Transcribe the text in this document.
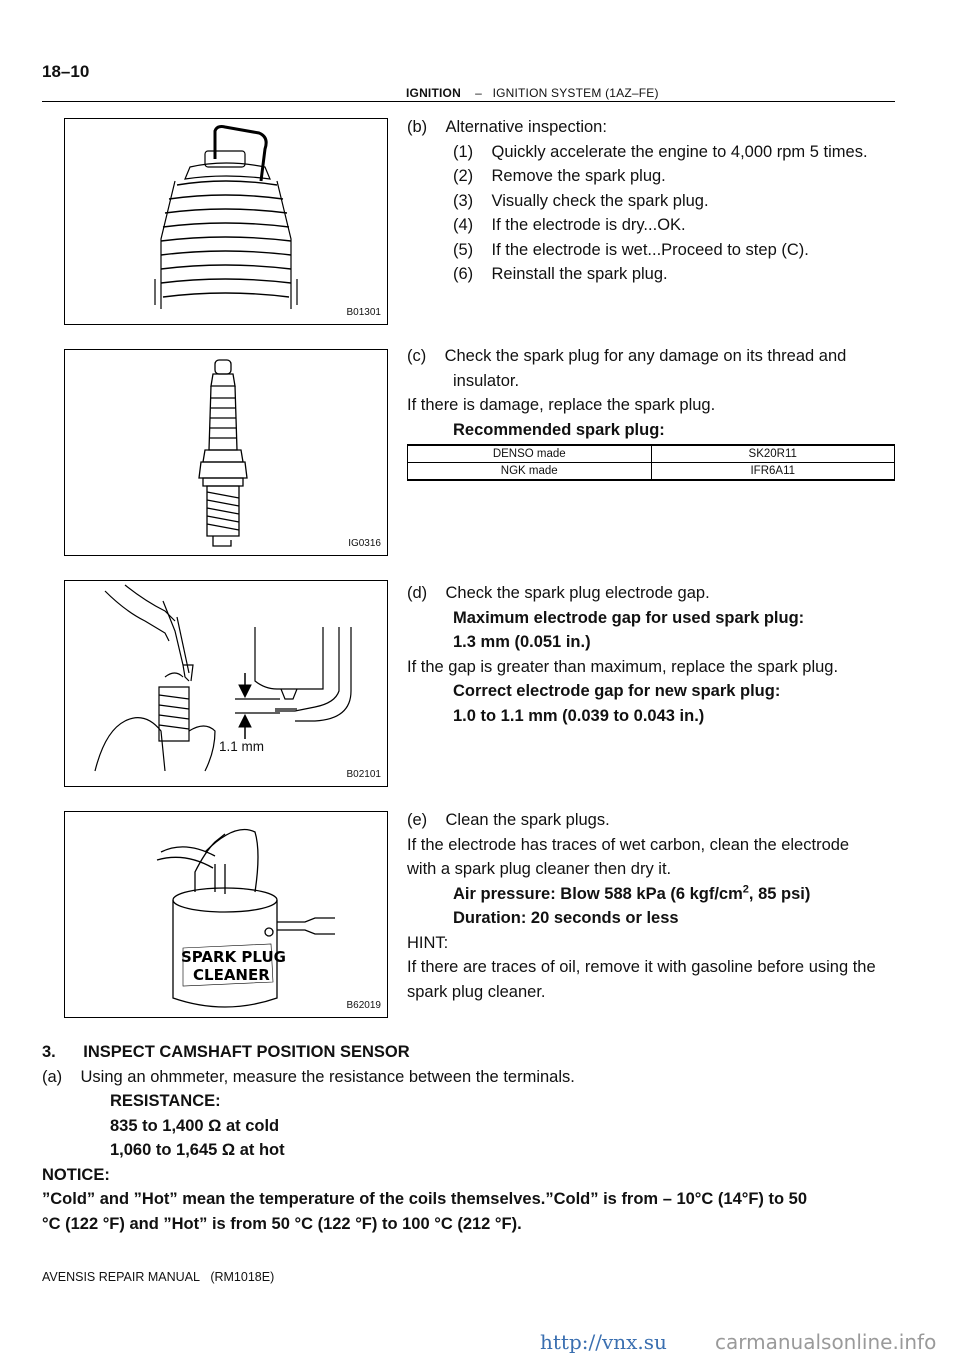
18–10
IGNITION – IGNITION SYSTEM (1AZ–FE)
B01301
IG0316
1.1 mm
B02101
SPARK PLUG
CLEANER
B62019
(b)    Alternative inspection:
(1)    Quickly accelerate the engine to 4,000 rpm 5 times.
(2)    Remove the spark plug.
(3)    Visually check the spark plug.
(4)    If the electrode is dry...OK.
(5)    If the electrode is wet...Proceed to step (C).
(6)    Reinstall the spark plug.
(c)    Check the spark plug for any damage on its thread and
insulator.
If there is damage, replace the spark plug.
Recommended spark plug:
DENSO made	SK20R11
NGK made	IFR6A11
(d)    Check the spark plug electrode gap.
Maximum electrode gap for used spark plug:
1.3 mm (0.051 in.)
If the gap is greater than maximum, replace the spark plug.
Correct electrode gap for new spark plug:
1.0 to 1.1 mm (0.039 to 0.043 in.)
(e)    Clean the spark plugs.
If the electrode has traces of wet carbon, clean the electrode
with a spark plug cleaner then dry it.
Air pressure: Blow 588 kPa (6 kgf/$cm^2$, 85 psi)
Duration: 20 seconds or less
HINT:
If there are traces of oil, remove it with gasoline before using the
spark plug cleaner.
3.      INSPECT CAMSHAFT POSITION SENSOR
(a)    Using an ohmmeter, measure the resistance between the terminals.
RESISTANCE:
835 to 1,400 Ω at cold
1,060 to 1,645 Ω at hot
NOTICE:
”Cold” and ”Hot” mean the temperature of the coils themselves.”Cold” is from – 10°C (14°F) to 50
°C (122 °F) and ”Hot” is from 50 °C (122 °F) to 100 °C (212 °F).
AVENSIS REPAIR MANUAL   (RM1018E)
http://vnx.su carmanualsonline.info
